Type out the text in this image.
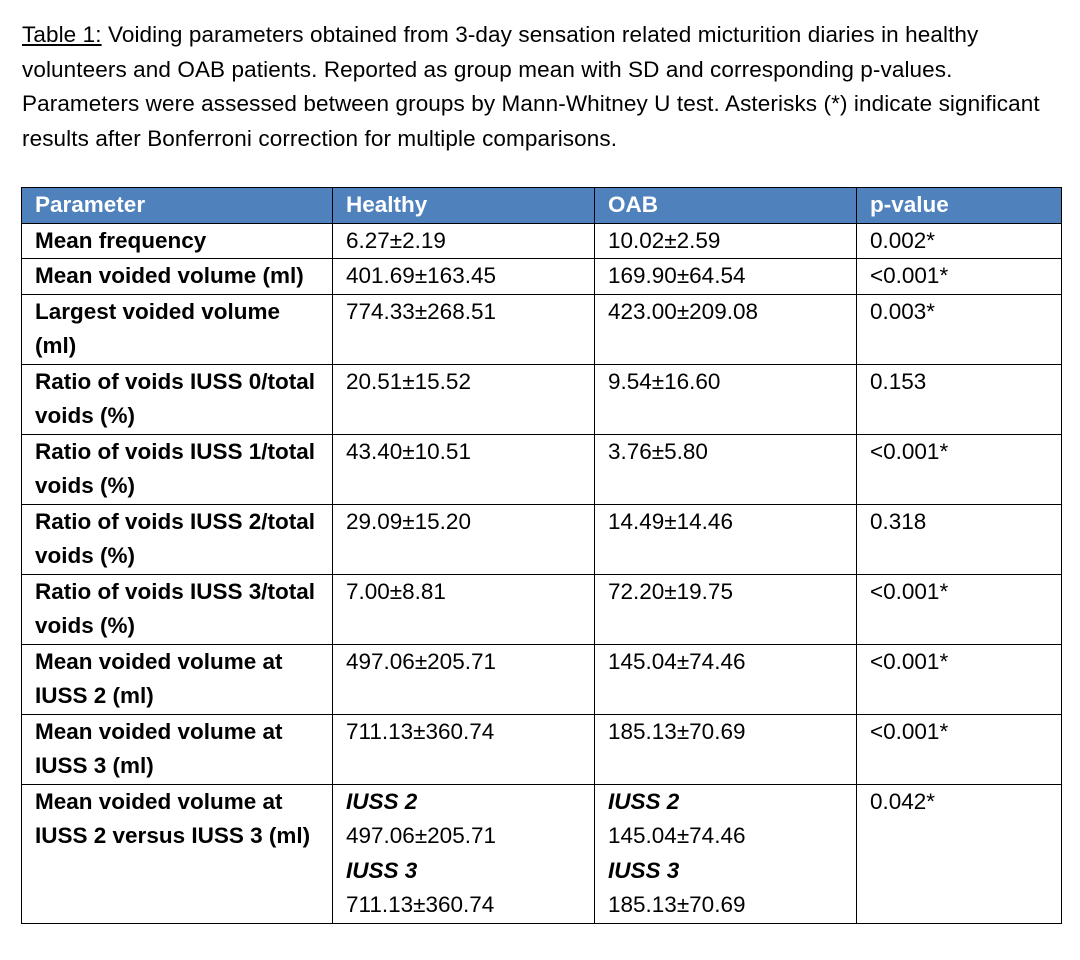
Table 1: Voiding parameters obtained from 3-day sensation related micturition diaries in healthy volunteers and OAB patients. Reported as group mean with SD and corresponding p-values. Parameters were assessed between groups by Mann-Whitney U test. Asterisks (*) indicate significant results after Bonferroni correction for multiple comparisons.
Parameter	Healthy	OAB	p-value
Mean frequency	6.27±2.19	10.02±2.59	0.002*
Mean voided volume (ml)	401.69±163.45	169.90±64.54	<0.001*
Largest voided volume (ml)	774.33±268.51	423.00±209.08	0.003*
Ratio of voids IUSS 0/total voids (%)	20.51±15.52	9.54±16.60	0.153
Ratio of voids IUSS 1/total voids (%)	43.40±10.51	3.76±5.80	<0.001*
Ratio of voids IUSS 2/total voids (%)	29.09±15.20	14.49±14.46	0.318
Ratio of voids IUSS 3/total voids (%)	7.00±8.81	72.20±19.75	<0.001*
Mean voided volume at IUSS 2 (ml)	497.06±205.71	145.04±74.46	<0.001*
Mean voided volume at IUSS 3 (ml)	711.13±360.74	185.13±70.69	<0.001*
Mean voided volume at IUSS 2 versus IUSS 3 (ml)	IUSS 2
497.06±205.71
IUSS 3
711.13±360.74	IUSS 2
145.04±74.46
IUSS 3
185.13±70.69	0.042*
